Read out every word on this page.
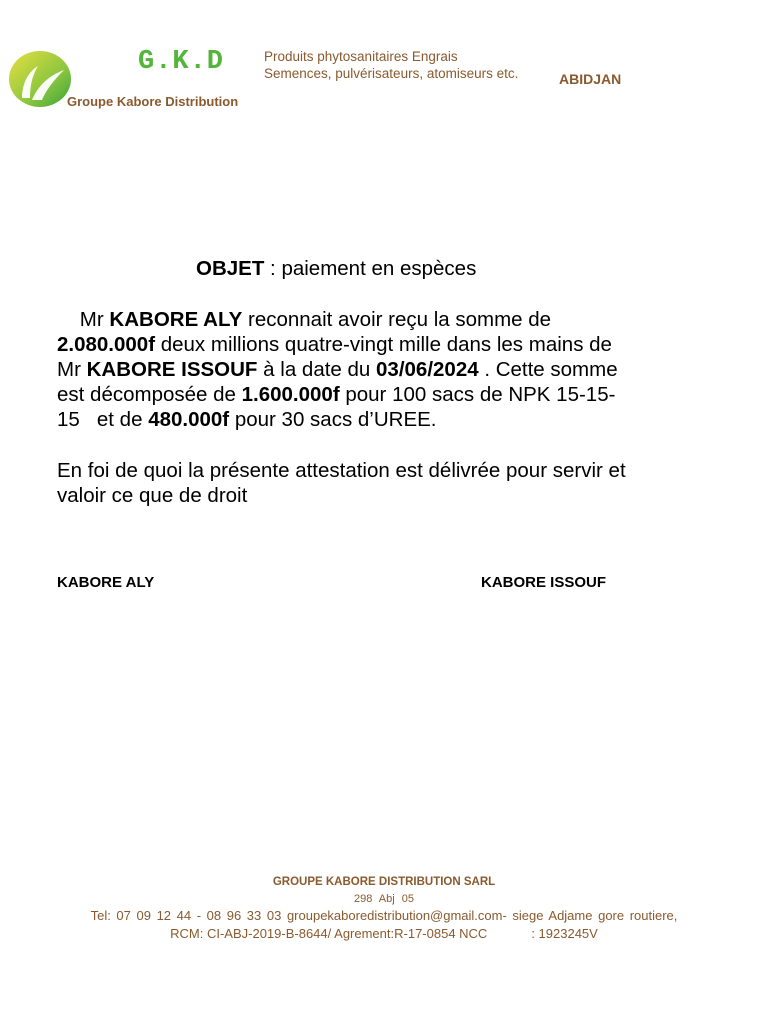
G.K.D
Groupe Kabore Distribution
Produits phytosanitaires Engrais
Semences, pulvérisateurs, atomiseurs etc.	ABIDJAN
OBJET : paiement en espèces
Mr KABORE ALY reconnait avoir reçu la somme de
2.080.000f deux millions quatre-vingt mille dans les mains de
Mr KABORE ISSOUF à la date du 03/06/2024 . Cette somme
est décomposée de 1.600.000f pour 100 sacs de NPK 15-15-
15   et de 480.000f pour 30 sacs d’UREE.
En foi de quoi la présente attestation est délivrée pour servir et
valoir ce que de droit
KABORE ALY	KABORE ISSOUF
GROUPE KABORE DISTRIBUTION SARL
298 Abj 05
Tel: 07 09 12 44 - 08 96 33 03 groupekaboredistribution@gmail.com- siege Adjame gore routiere,
RCM: CI-ABJ-2019-B-8644/ Agrement:R-17-0854 NCC	: 1923245V
